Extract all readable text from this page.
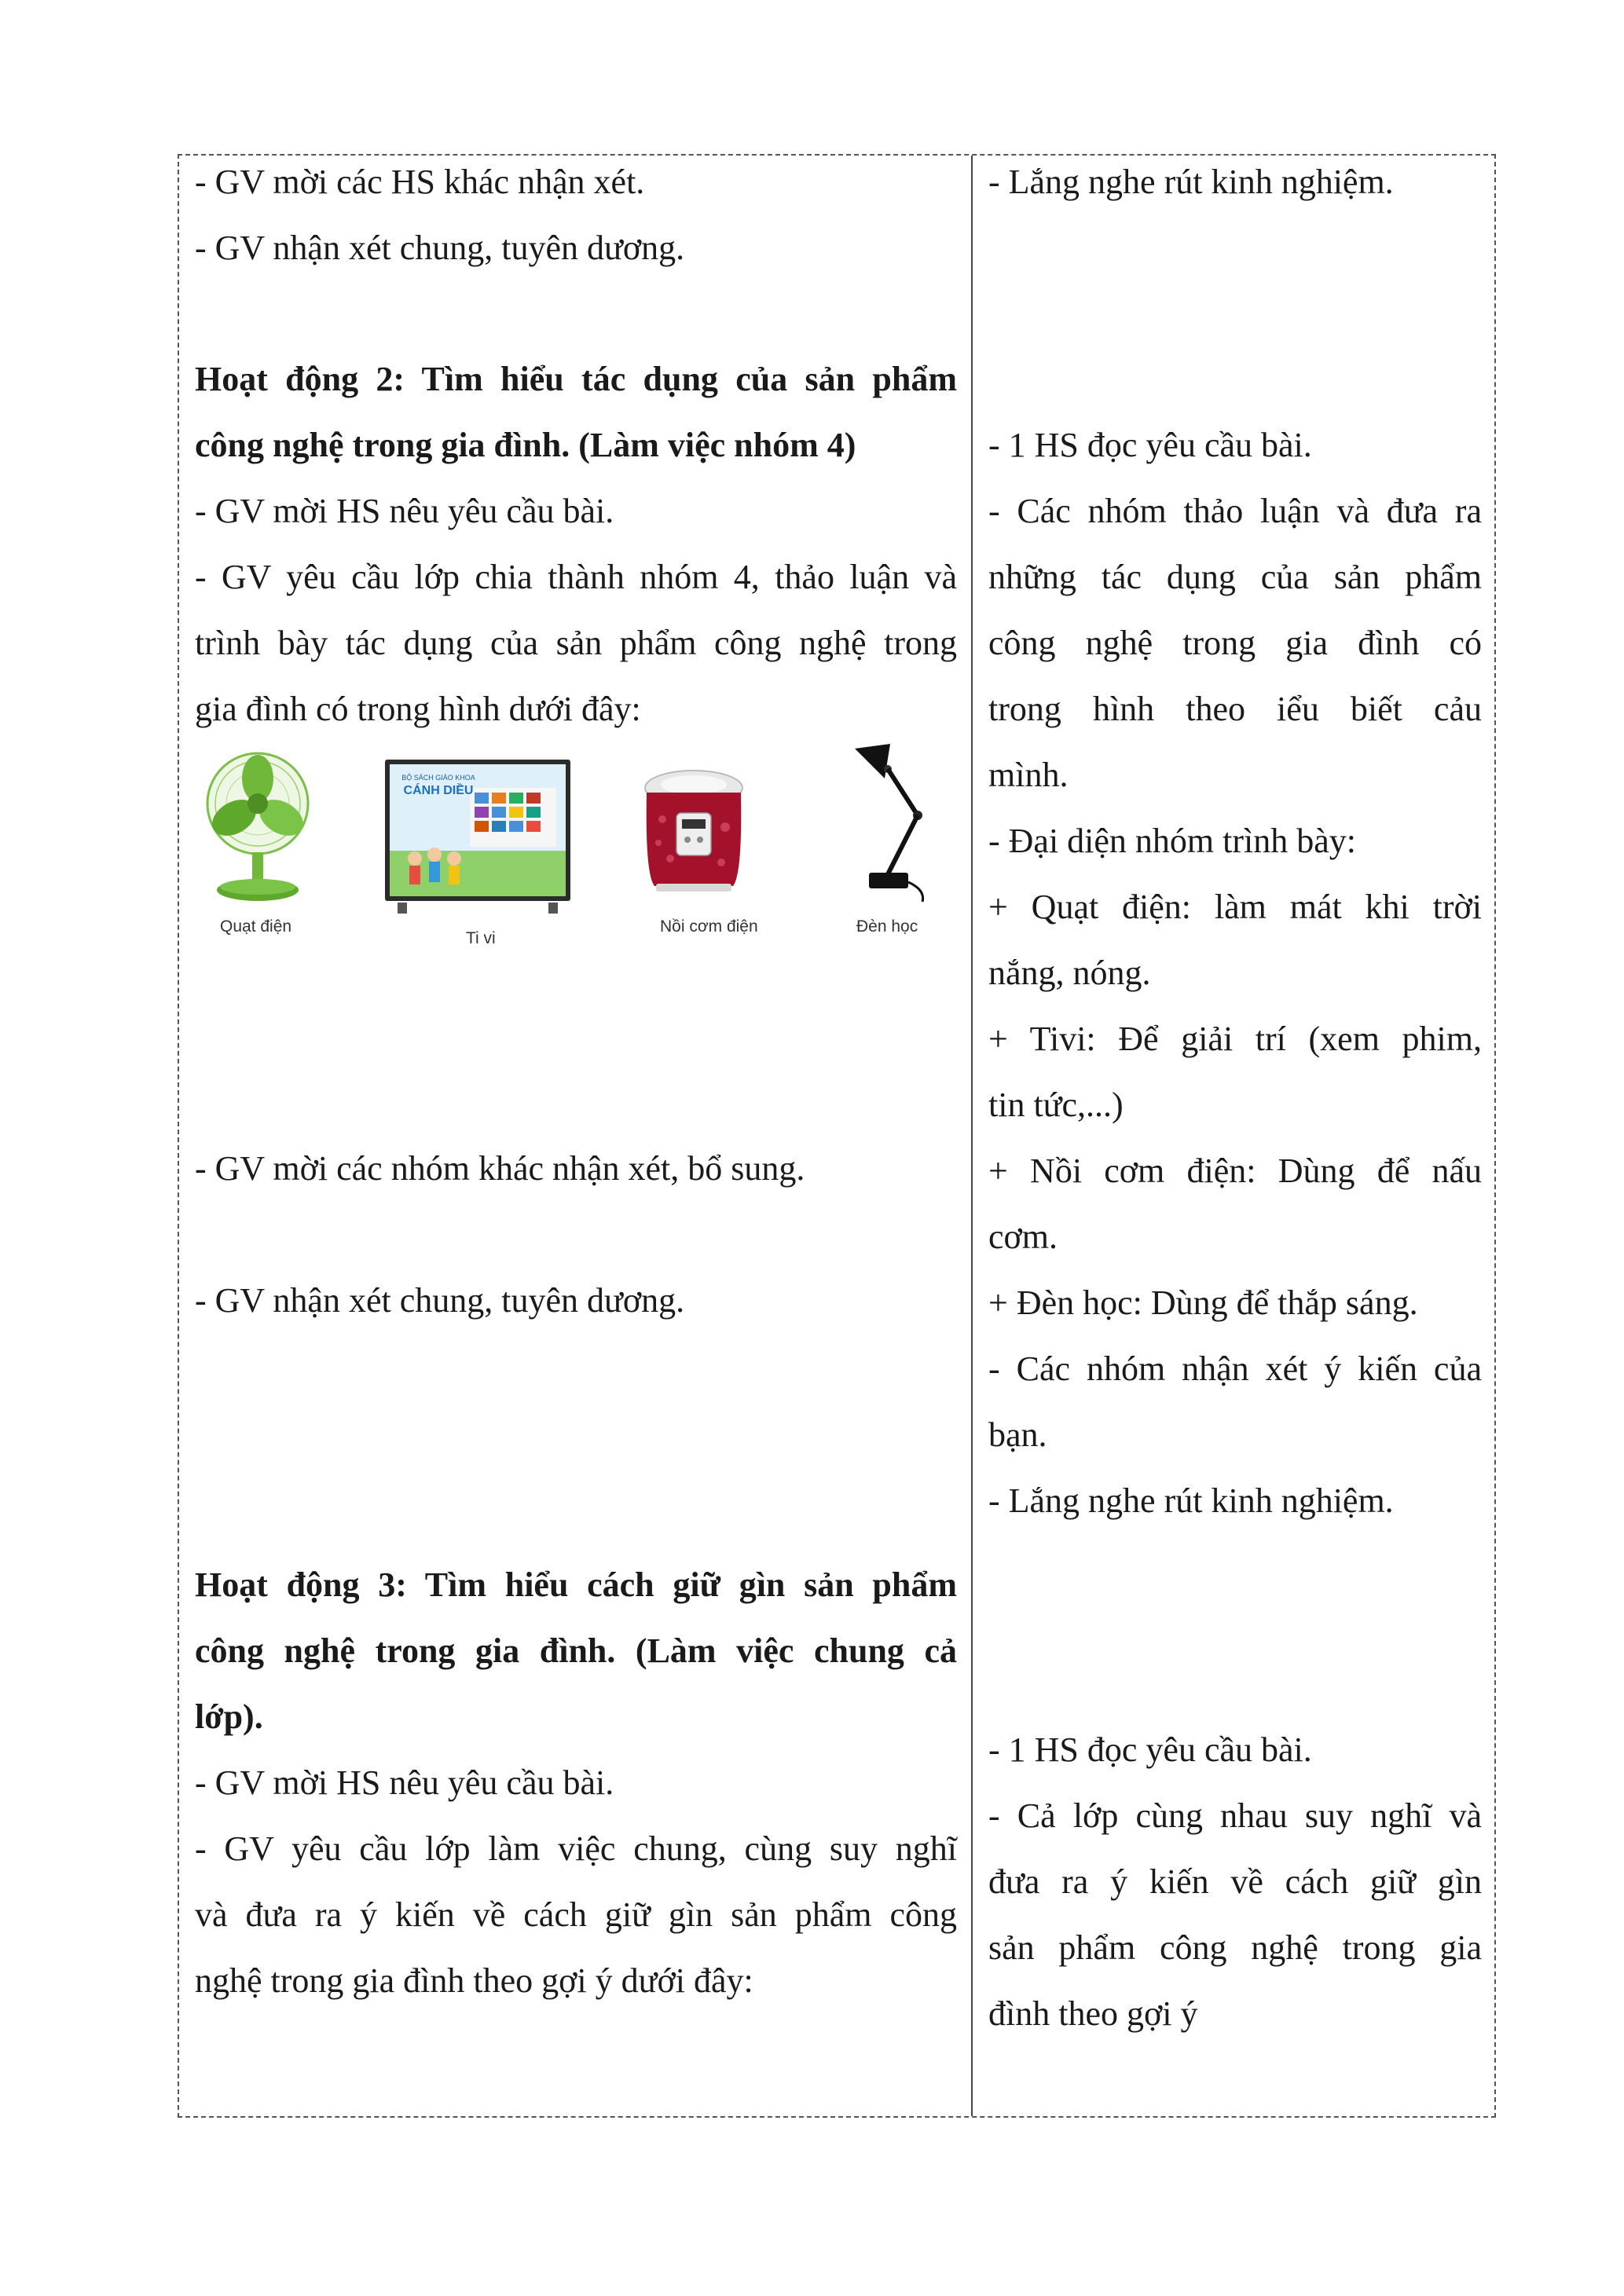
- GV mời các HS khác nhận xét.
- GV nhận xét chung, tuyên dương.
Hoạt động 2: Tìm hiểu tác dụng của sản phẩm
công nghệ trong gia đình. (Làm việc nhóm 4)
- GV mời HS nêu yêu cầu bài.
- GV yêu cầu lớp chia thành nhóm 4, thảo luận và
trình bày tác dụng của sản phẩm công nghệ trong
gia đình có trong hình dưới đây:
Quạt điện
BỘ SÁCH GIÁO KHOA
CÁNH DIỀU
Ti vi
Nồi cơm điện	Đèn học
- GV mời các nhóm khác nhận xét, bổ sung.
- GV nhận xét chung, tuyên dương.
Hoạt động 3: Tìm hiểu cách giữ gìn sản phẩm
công nghệ trong gia đình. (Làm việc chung cả
lớp).
- GV mời HS nêu yêu cầu bài.
- GV yêu cầu lớp làm việc chung, cùng suy nghĩ
và đưa ra ý kiến về cách giữ gìn sản phẩm công
nghệ trong gia đình theo gợi ý dưới đây:
- Lắng nghe rút kinh nghiệm.
- 1 HS đọc yêu cầu bài.
- Các nhóm thảo luận và đưa ra
những tác dụng của sản phẩm
công nghệ trong gia đình có
trong hình theo iểu biết cảu
mình.
- Đại diện nhóm trình bày:
+ Quạt điện: làm mát khi trời
nắng, nóng.
+ Tivi: Để giải trí (xem phim,
tin tức,...)
+ Nồi cơm điện: Dùng để nấu
cơm.
+ Đèn học: Dùng để thắp sáng.
- Các nhóm nhận xét ý kiến của
bạn.
- Lắng nghe rút kinh nghiệm.
- 1 HS đọc yêu cầu bài.
- Cả lớp cùng nhau suy nghĩ và
đưa ra ý kiến về cách giữ gìn
sản phẩm công nghệ trong gia
đình theo gợi ý
